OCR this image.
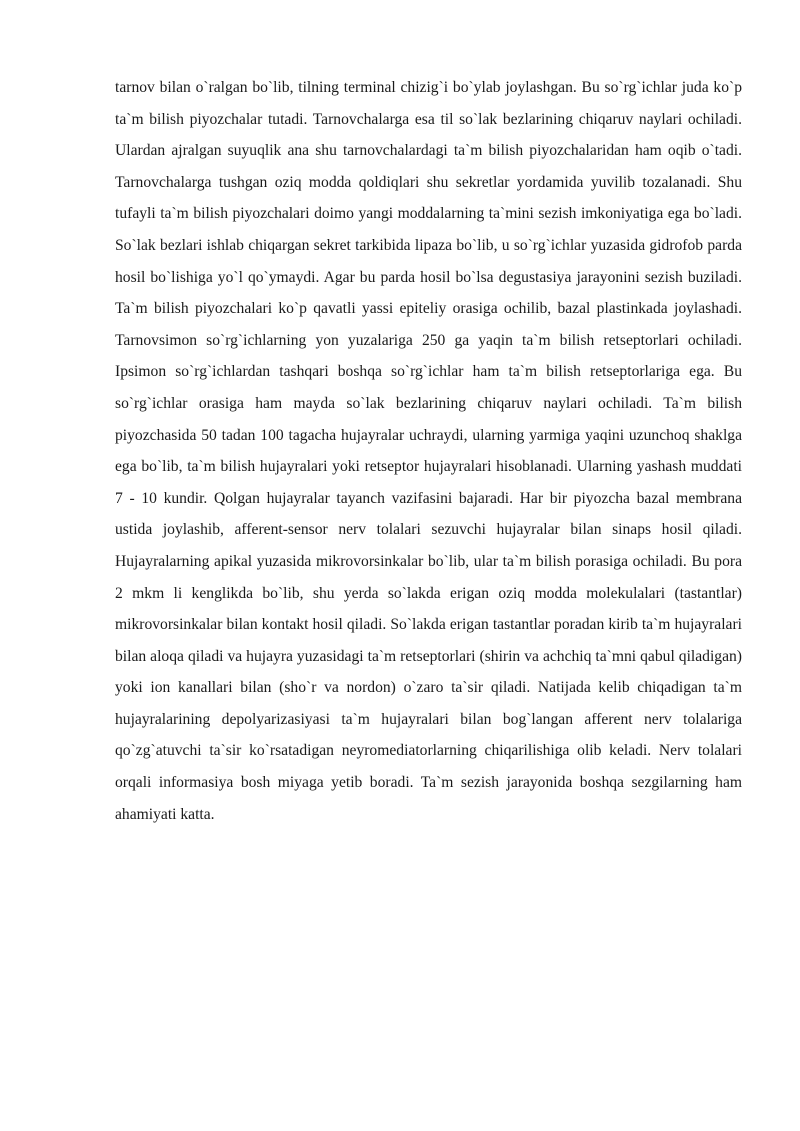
tarnov bilan o`ralgan bo`lib, tilning terminal chizig`i bo`ylab joylashgan. Bu so`rg`ichlar juda ko`p ta`m bilish piyozchalar tutadi. Tarnovchalarga esa til so`lak bezlarining chiqaruv naylari ochiladi. Ulardan ajralgan suyuqlik ana shu tarnovchalardagi ta`m bilish piyozchalaridan ham oqib o`tadi. Tarnovchalarga tushgan oziq modda qoldiqlari shu sekretlar yordamida yuvilib tozalanadi. Shu tufayli ta`m bilish piyozchalari doimo yangi moddalarning ta`mini sezish imkoniyatiga ega bo`ladi. So`lak bezlari ishlab chiqargan sekret tarkibida lipaza bo`lib, u so`rg`ichlar yuzasida gidrofob parda hosil bo`lishiga yo`l qo`ymaydi. Agar bu parda hosil bo`lsa degustasiya jarayonini sezish buziladi. Ta`m bilish piyozchalari ko`p qavatli yassi epiteliy orasiga ochilib, bazal plastinkada joylashadi. Tarnovsimon so`rg`ichlarning yon yuzalariga 250 ga yaqin ta`m bilish retseptorlari ochiladi. Ipsimon so`rg`ichlardan tashqari boshqa so`rg`ichlar ham ta`m bilish retseptorlariga ega. Bu so`rg`ichlar orasiga ham mayda so`lak bezlarining chiqaruv naylari ochiladi. Ta`m bilish piyozchasida 50 tadan 100 tagacha hujayralar uchraydi, ularning yarmiga yaqini uzunchoq shaklga ega bo`lib, ta`m bilish hujayralari yoki retseptor hujayralari hisoblanadi. Ularning yashash muddati 7 - 10 kundir. Qolgan hujayralar tayanch vazifasini bajaradi. Har bir piyozcha bazal membrana ustida joylashib, afferent-sensor nerv tolalari sezuvchi hujayralar bilan sinaps hosil qiladi. Hujayralarning apikal yuzasida mikrovorsinkalar bo`lib, ular ta`m bilish porasiga ochiladi. Bu pora 2 mkm li kenglikda bo`lib, shu yerda so`lakda erigan oziq modda molekulalari (tastantlar) mikrovorsinkalar bilan kontakt hosil qiladi. So`lakda erigan tastantlar poradan kirib ta`m hujayralari bilan aloqa qiladi va hujayra yuzasidagi ta`m retseptorlari (shirin va achchiq ta`mni qabul qiladigan) yoki ion kanallari bilan (sho`r va nordon) o`zaro ta`sir qiladi. Natijada kelib chiqadigan ta`m hujayralarining depolyarizasiyasi ta`m hujayralari bilan bog`langan afferent nerv tolalariga qo`zg`atuvchi ta`sir ko`rsatadigan neyromediatorlarning chiqarilishiga olib keladi. Nerv tolalari orqali informasiya bosh miyaga yetib boradi. Ta`m sezish jarayonida boshqa sezgilarning ham ahamiyati katta.
